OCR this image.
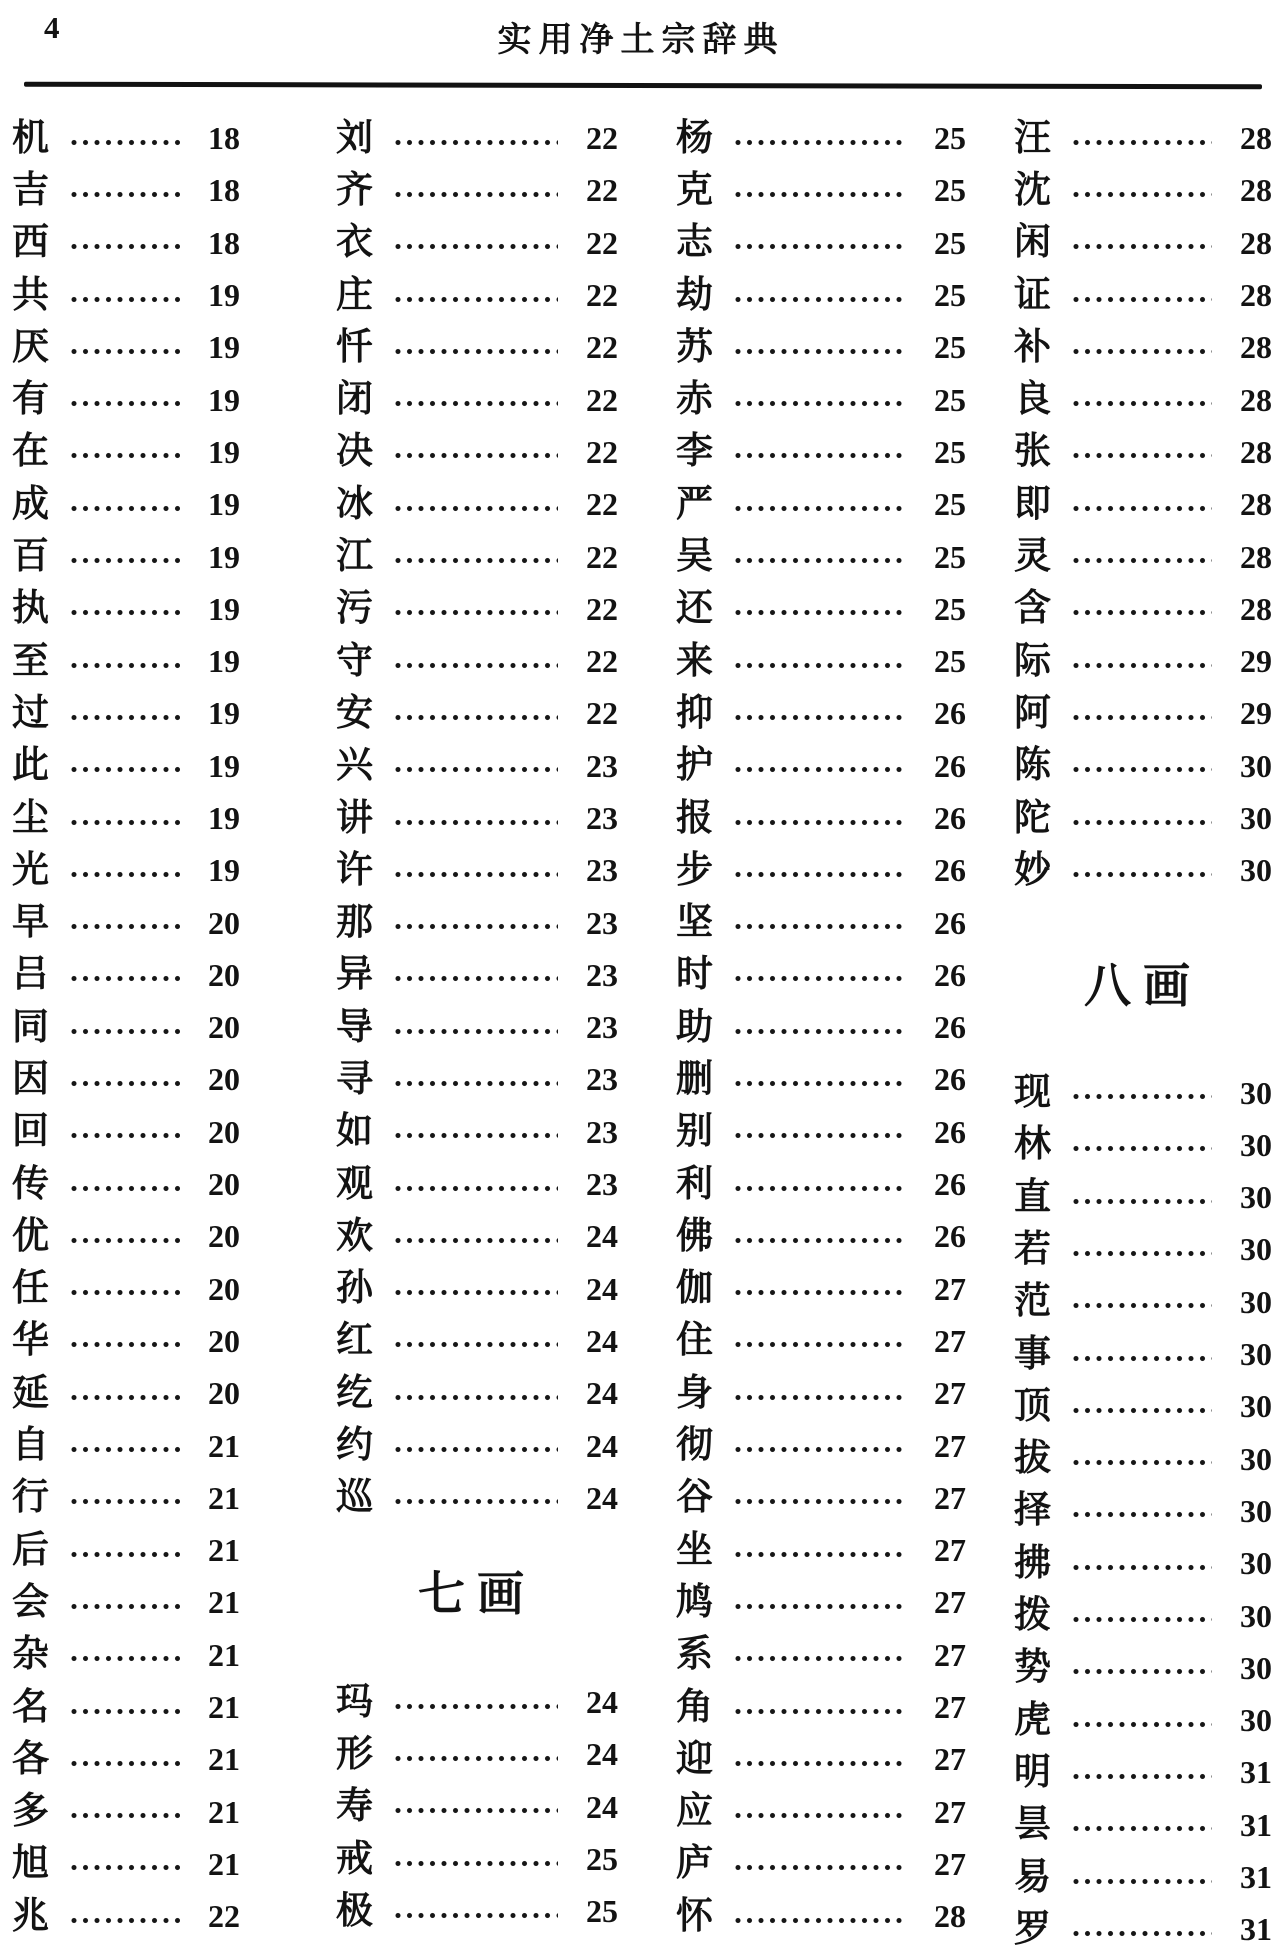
4	实用净土宗辞典
机	18
吉	18
西	18
共	19
厌	19
有	19
在	19
成	19
百	19
执	19
至	19
过	19
此	19
尘	19
光	19
早	20
吕	20
同	20
因	20
回	20
传	20
优	20
任	20
华	20
延	20
自	21
行	21
后	21
会	21
杂	21
名	21
各	21
多	21
旭	21
兆	22
刘	22
齐	22
衣	22
庄	22
忏	22
闭	22
决	22
冰	22
江	22
污	22
守	22
安	22
兴	23
讲	23
许	23
那	23
异	23
导	23
寻	23
如	23
观	23
欢	24
孙	24
红	24
纥	24
约	24
巡	24
七画
玛	24
形	24
寿	24
戒	25
极	25
杨	25
克	25
志	25
劫	25
苏	25
赤	25
李	25
严	25
吴	25
还	25
来	25
抑	26
护	26
报	26
步	26
坚	26
时	26
助	26
删	26
别	26
利	26
佛	26
伽	27
住	27
身	27
彻	27
谷	27
坐	27
鸠	27
系	27
角	27
迎	27
应	27
庐	27
怀	28
汪	28
沈	28
闲	28
证	28
补	28
良	28
张	28
即	28
灵	28
含	28
际	29
阿	29
陈	30
陀	30
妙	30
八画
现	30
林	30
直	30
若	30
范	30
事	30
顶	30
拔	30
择	30
拂	30
拨	30
势	30
虎	30
明	31
昙	31
易	31
罗	31
